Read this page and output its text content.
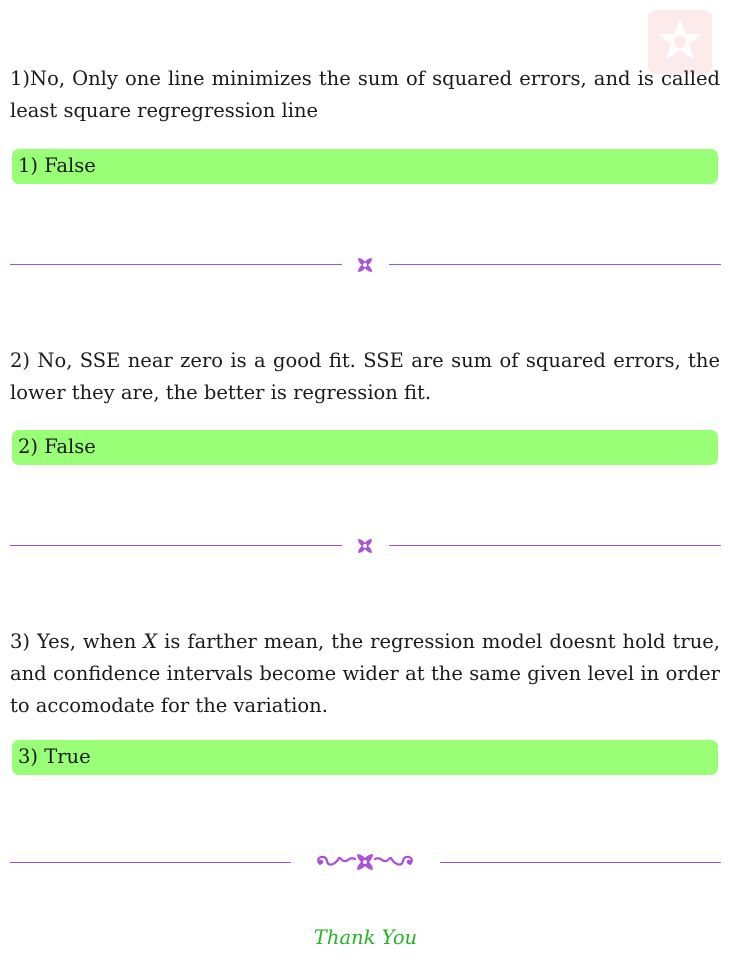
1)No, Only one line minimizes the sum of squared errors, and is called least square regregression line

1) False

2) No, SSE near zero is a good fit. SSE are sum of squared errors, the lower they are, the better is regression fit.

2) False

3) Yes, when X is farther mean, the regression model doesnt hold true, and confidence intervals become wider at the same given level in order to accomodate for the variation.

3) True
Thank You
